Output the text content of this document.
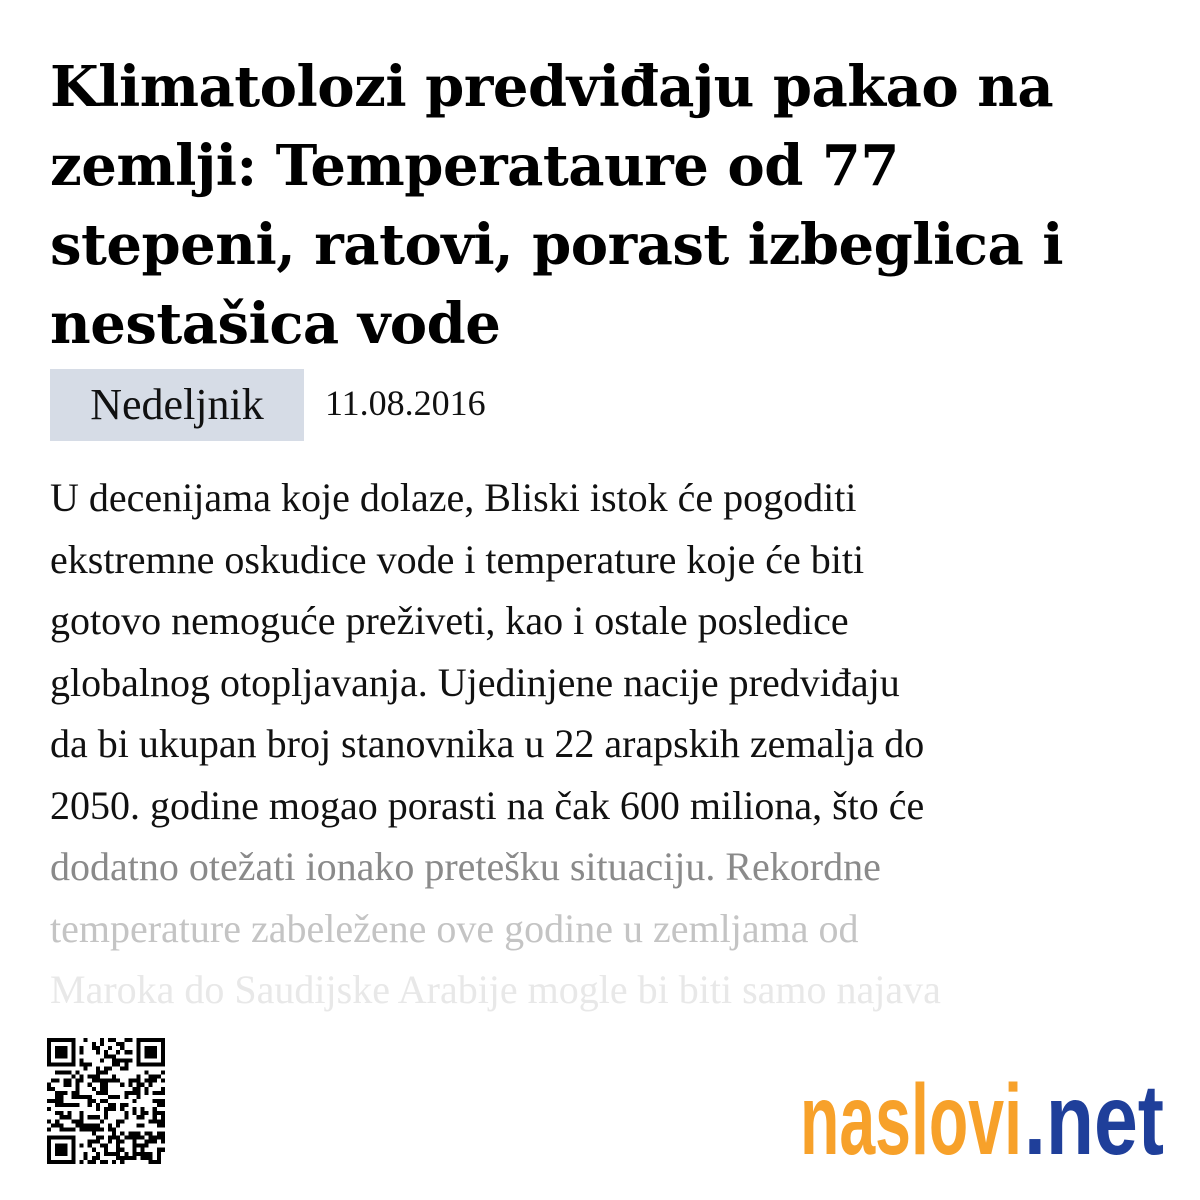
Klimatolozi predviđaju pakao na zemlji: Temperataure od 77 stepeni, ratovi, porast izbeglica i nestašica vode
Nedeljnik	11.08.2016
U decenijama koje dolaze, Bliski istok će pogoditi
ekstremne oskudice vode i temperature koje će biti
gotovo nemoguće preživeti, kao i ostale posledice
globalnog otopljavanja. Ujedinjene nacije predviđaju
da bi ukupan broj stanovnika u 22 arapskih zemalja do
2050. godine mogao porasti na čak 600 miliona, što će
dodatno otežati ionako pretešku situaciju. Rekordne
temperature zabeležene ove godine u zemljama od
Maroka do Saudijske Arabije mogle bi biti samo najava
naslovi .net
